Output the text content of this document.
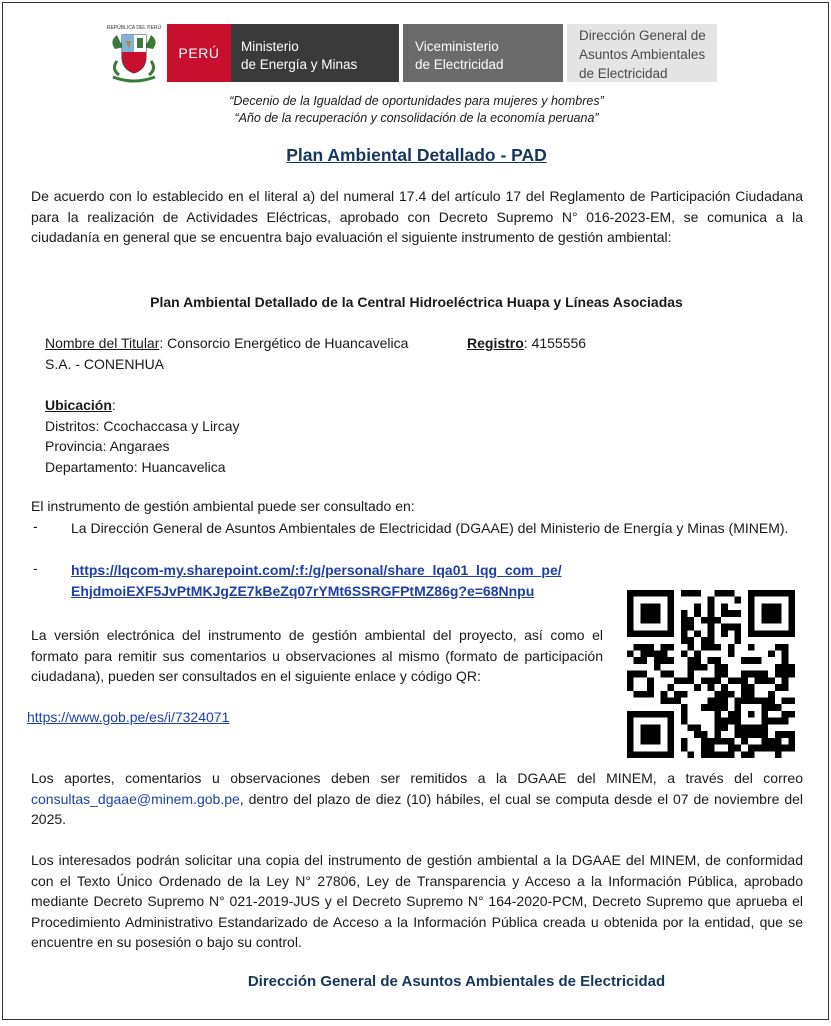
REPÚBLICA DEL PERÚ
PERÚ	Ministerio
de Energía y Minas
Viceministerio
de Electricidad
Dirección General de
Asuntos Ambientales
de Electricidad
“Decenio de la Igualdad de oportunidades para mujeres y hombres”
“Año de la recuperación y consolidación de la economía peruana”
Plan Ambiental Detallado - PAD
De acuerdo con lo establecido en el literal a) del numeral 17.4 del artículo 17 del Reglamento de Participación Ciudadana para la realización de Actividades Eléctricas, aprobado con Decreto Supremo N° 016-2023-EM, se comunica a la ciudadanía en general que se encuentra bajo evaluación el siguiente instrumento de gestión ambiental:
Plan Ambiental Detallado de la Central Hidroeléctrica Huapa y Líneas Asociadas
Nombre del Titular: Consorcio Energético de Huancavelica
S.A. - CONENHUA
Registro: 4155556
Ubicación:
Distritos: Ccochaccasa y Lircay
Provincia: Angaraes
Departamento: Huancavelica
El instrumento de gestión ambiental puede ser consultado en:
- La Dirección General de Asuntos Ambientales de Electricidad (DGAAE) del Ministerio de Energía y Minas (MINEM).
- https://lqcom-my.sharepoint.com/:f:/g/personal/share_lqa01_lqg_com_pe/
EhjdmoiEXF5JvPtMKJgZE7kBeZq07rYMt6SSRGFPtMZ86g?e=68Nnpu
La versión electrónica del instrumento de gestión ambiental del proyecto, así como el formato para remitir sus comentarios u observaciones al mismo (formato de participación ciudadana), pueden ser consultados en el siguiente enlace y código QR:
https://www.gob.pe/es/i/7324071
Los aportes, comentarios u observaciones deben ser remitidos a la DGAAE del MINEM, a través del correo consultas_dgaae@minem.gob.pe, dentro del plazo de diez (10) hábiles, el cual se computa desde el 07 de noviembre del 2025.
Los interesados podrán solicitar una copia del instrumento de gestión ambiental a la DGAAE del MINEM, de conformidad con el Texto Único Ordenado de la Ley N° 27806, Ley de Transparencia y Acceso a la Información Pública, aprobado mediante Decreto Supremo N° 021-2019-JUS y el Decreto Supremo N° 164-2020-PCM, Decreto Supremo que aprueba el Procedimiento Administrativo Estandarizado de Acceso a la Información Pública creada u obtenida por la entidad, que se encuentre en su posesión o bajo su control.
Dirección General de Asuntos Ambientales de Electricidad
